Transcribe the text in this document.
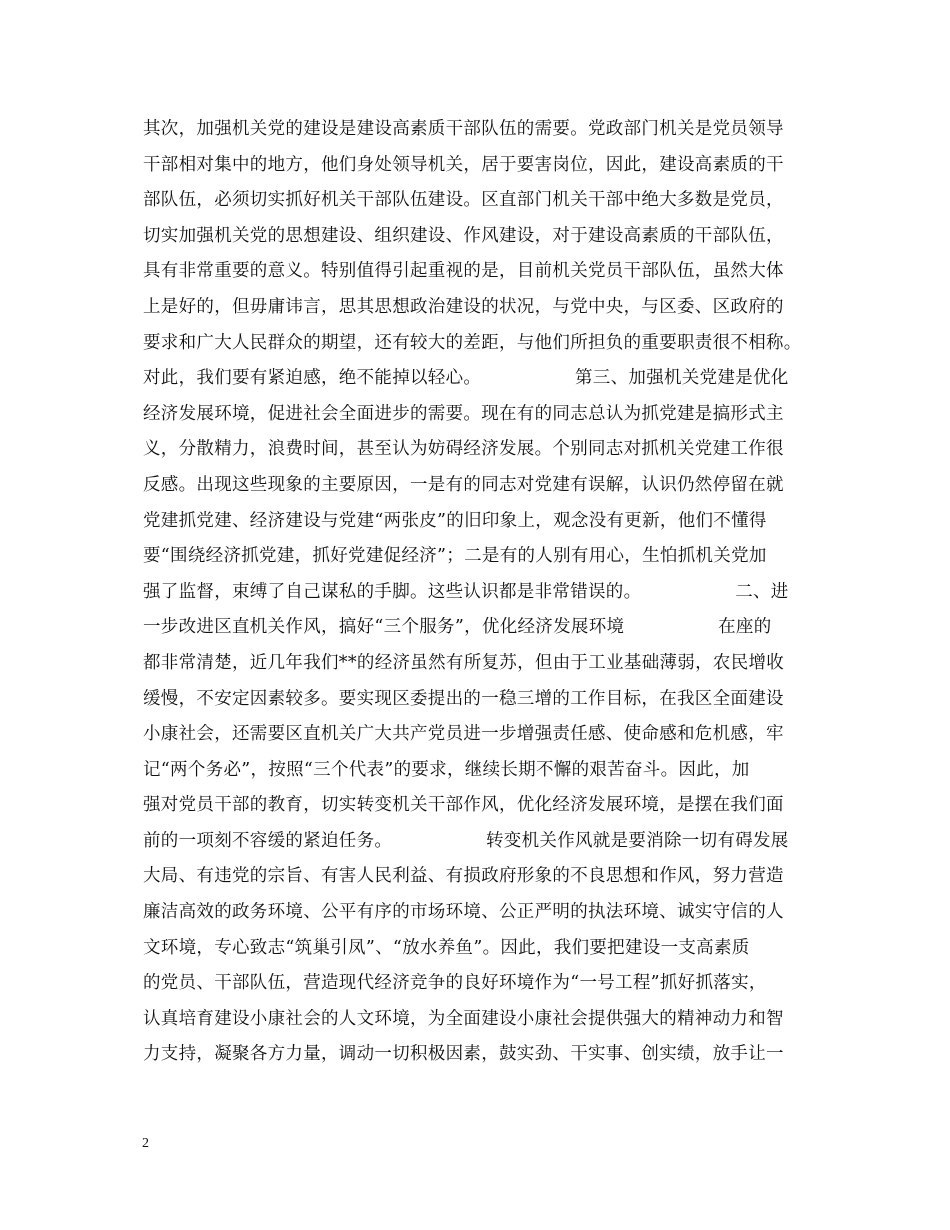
其次，加强机关党的建设是建设高素质干部队伍的需要。党政部门机关是党员领导
干部相对集中的地方，他们身处领导机关，居于要害岗位，因此，建设高素质的干
部队伍，必须切实抓好机关干部队伍建设。区直部门机关干部中绝大多数是党员，
切实加强机关党的思想建设、组织建设、作风建设，对于建设高素质的干部队伍，
具有非常重要的意义。特别值得引起重视的是，目前机关党员干部队伍，虽然大体
上是好的，但毋庸讳言，思其思想政治建设的状况，与党中央，与区委、区政府的
要求和广大人民群众的期望，还有较大的差距，与他们所担负的重要职责很不相称。
对此，我们要有紧迫感，绝不能掉以轻心。                第三、加强机关党建是优化
经济发展环境，促进社会全面进步的需要。现在有的同志总认为抓党建是搞形式主
义，分散精力，浪费时间，甚至认为妨碍经济发展。个别同志对抓机关党建工作很
反感。出现这些现象的主要原因，一是有的同志对党建有误解，认识仍然停留在就
党建抓党建、经济建设与党建“两张皮”的旧印象上，观念没有更新，他们不懂得
要“围绕经济抓党建，抓好党建促经济”；二是有的人别有用心，生怕抓机关党加
强了监督，束缚了自己谋私的手脚。这些认识都是非常错误的。                二、进
一步改进区直机关作风，搞好“三个服务”，优化经济发展环境                在座的
都非常清楚，近几年我们**的经济虽然有所复苏，但由于工业基础薄弱，农民增收
缓慢，不安定因素较多。要实现区委提出的一稳三增的工作目标，在我区全面建设
小康社会，还需要区直机关广大共产党员进一步增强责任感、使命感和危机感，牢
记“两个务必”，按照“三个代表”的要求，继续长期不懈的艰苦奋斗。因此，加
强对党员干部的教育，切实转变机关干部作风，优化经济发展环境，是摆在我们面
前的一项刻不容缓的紧迫任务。                转变机关作风就是要消除一切有碍发展
大局、有违党的宗旨、有害人民利益、有损政府形象的不良思想和作风，努力营造
廉洁高效的政务环境、公平有序的市场环境、公正严明的执法环境、诚实守信的人
文环境，专心致志“筑巢引凤”、“放水养鱼”。因此，我们要把建设一支高素质
的党员、干部队伍，营造现代经济竞争的良好环境作为“一号工程”抓好抓落实，
认真培育建设小康社会的人文环境，为全面建设小康社会提供强大的精神动力和智
力支持，凝聚各方力量，调动一切积极因素，鼓实劲、干实事、创实绩，放手让一
2
